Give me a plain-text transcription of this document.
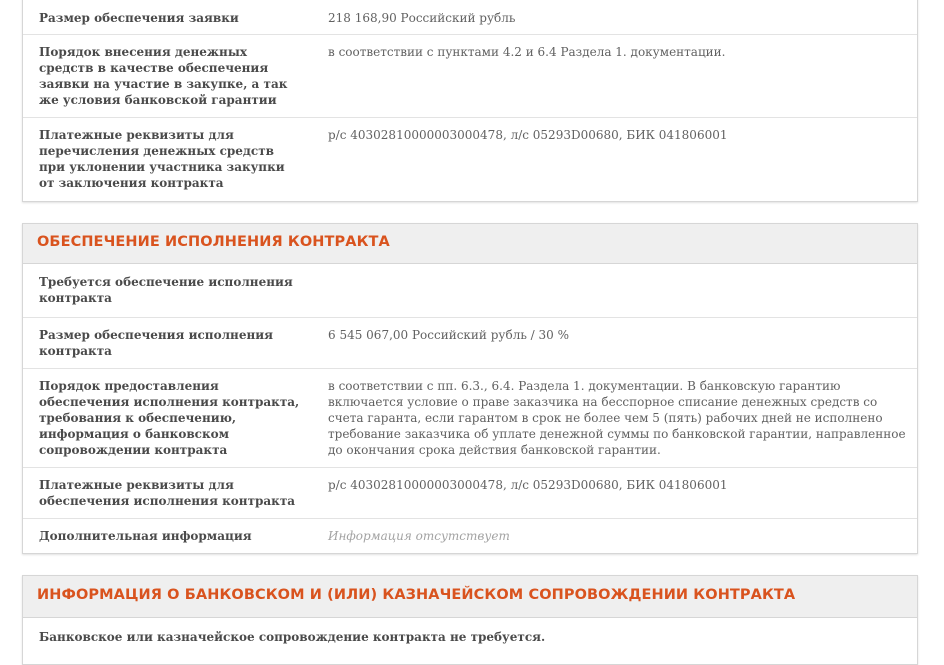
Размер обеспечения заявки	218 168,90 Российский рубль
Порядок внесения денежных средств в качестве обеспечения заявки на участие в закупке, а так же условия банковской гарантии
в соответствии с пунктами 4.2 и 6.4 Раздела 1. документации.
Платежные реквизиты для перечисления денежных средств при уклонении участника закупки от заключения контракта
р/с 40302810000003000478, л/с 05293D00680, БИК 041806001
ОБЕСПЕЧЕНИЕ ИСПОЛНЕНИЯ КОНТРАКТА
Требуется обеспечение исполнения контракта
Размер обеспечения исполнения контракта
6 545 067,00 Российский рубль / 30 %
Порядок предоставления обеспечения исполнения контракта, требования к обеспечению, информация о банковском сопровождении контракта
в соответствии с пп. 6.3., 6.4. Раздела 1. документации. В банковскую гарантию включается условие о праве заказчика на бесспорное списание денежных средств со счета гаранта, если гарантом в срок не более чем 5 (пять) рабочих дней не исполнено требование заказчика об уплате денежной суммы по банковской гарантии, направленное до окончания срока действия банковской гарантии.
Платежные реквизиты для обеспечения исполнения контракта
р/с 40302810000003000478, л/с 05293D00680, БИК 041806001
Дополнительная информация	Информация отсутствует
ИНФОРМАЦИЯ О БАНКОВСКОМ И (ИЛИ) КАЗНАЧЕЙСКОМ СОПРОВОЖДЕНИИ КОНТРАКТА
Банковское или казначейское сопровождение контракта не требуется.
